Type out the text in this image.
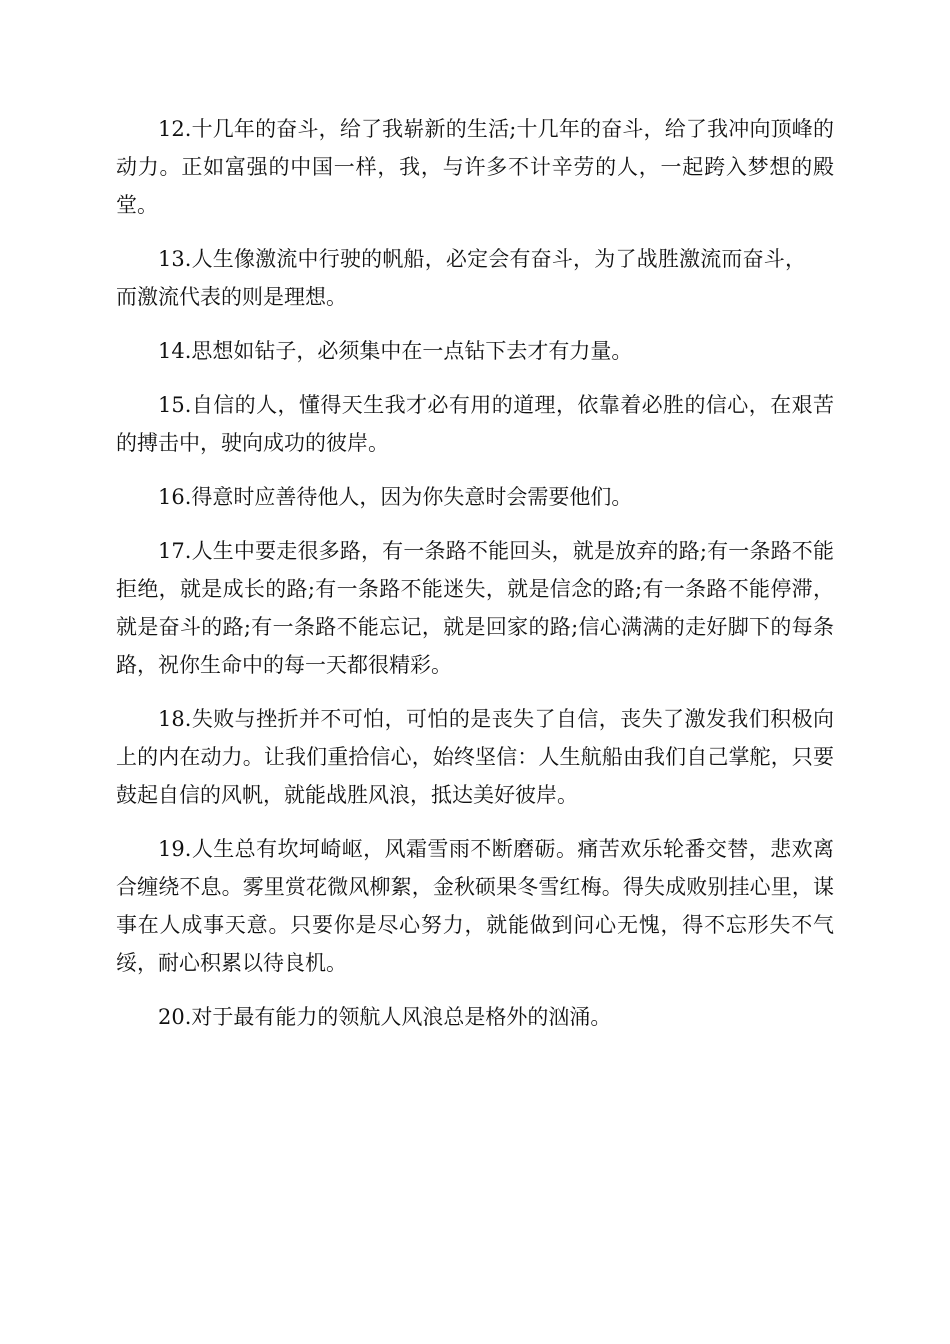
12.十几年的奋斗，给了我崭新的生活;十几年的奋斗，给了我冲向顶峰的动力。正如富强的中国一样，我，与许多不计辛劳的人，一起跨入梦想的殿堂。

13.人生像激流中行驶的帆船，必定会有奋斗，为了战胜激流而奋斗，而激流代表的则是理想。

14.思想如钻子，必须集中在一点钻下去才有力量。

15.自信的人，懂得天生我才必有用的道理，依靠着必胜的信心，在艰苦的搏击中，驶向成功的彼岸。

16.得意时应善待他人，因为你失意时会需要他们。

17.人生中要走很多路，有一条路不能回头，就是放弃的路;有一条路不能拒绝，就是成长的路;有一条路不能迷失，就是信念的路;有一条路不能停滞，就是奋斗的路;有一条路不能忘记，就是回家的路;信心满满的走好脚下的每条路，祝你生命中的每一天都很精彩。

18.失败与挫折并不可怕，可怕的是丧失了自信，丧失了激发我们积极向上的内在动力。让我们重拾信心，始终坚信：人生航船由我们自己掌舵，只要鼓起自信的风帆，就能战胜风浪，抵达美好彼岸。

19.人生总有坎坷崎岖，风霜雪雨不断磨砺。痛苦欢乐轮番交替，悲欢离合缠绕不息。雾里赏花微风柳絮，金秋硕果冬雪红梅。得失成败别挂心里，谋事在人成事天意。只要你是尽心努力，就能做到问心无愧，得不忘形失不气绥，耐心积累以待良机。

20.对于最有能力的领航人风浪总是格外的汹涌。
